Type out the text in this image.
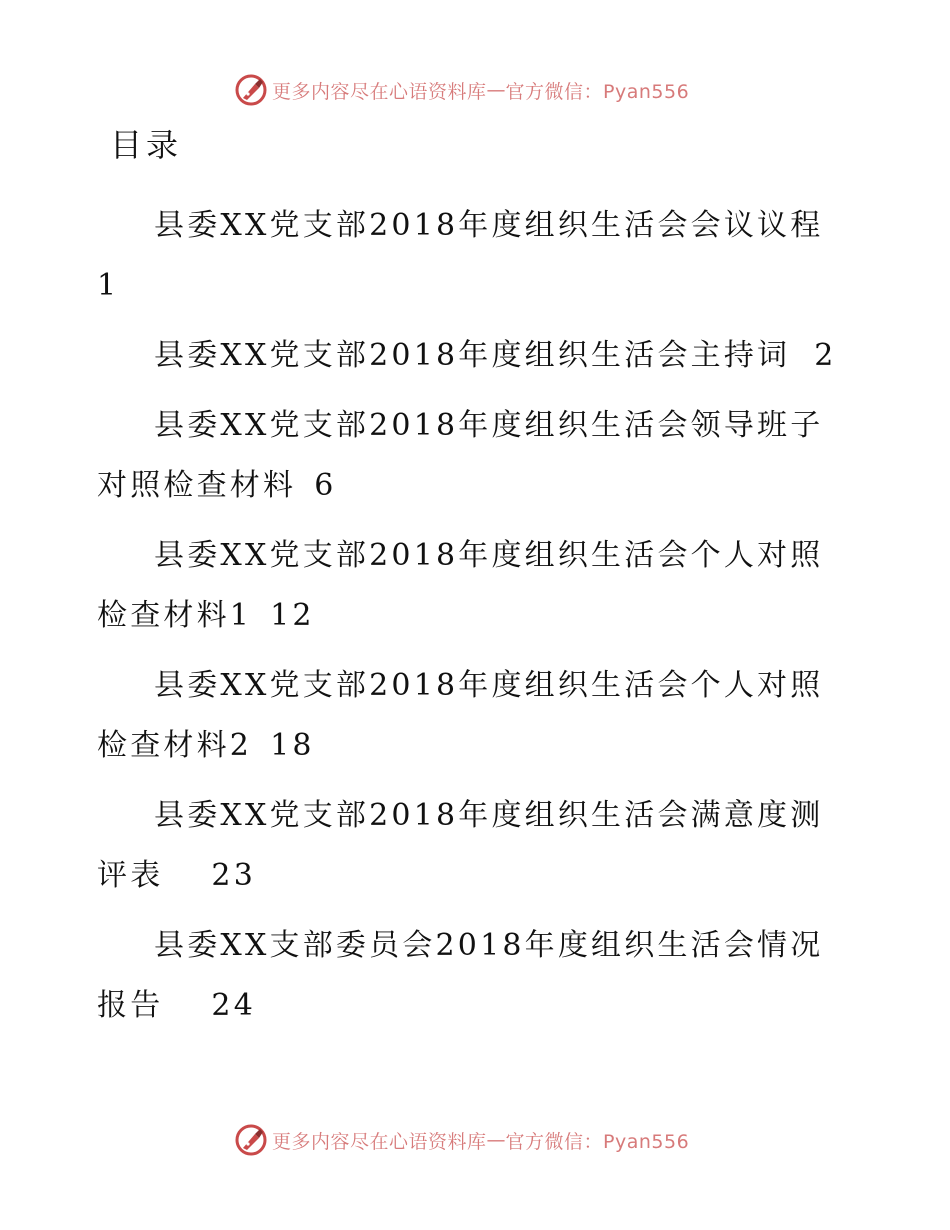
更多内容尽在心语资料库 — 官方微信：Pyan556
目录
县委XX党支部2018年度组织生活会会议议程
1
县委XX党支部2018年度组织生活会主持词 2
县委XX党支部2018年度组织生活会领导班子对照检查材料 6
县委XX党支部2018年度组织生活会个人对照检查材料1 12
县委XX党支部2018年度组织生活会个人对照检查材料2 18
县委XX党支部2018年度组织生活会满意度测评表 23
县委XX支部委员会2018年度组织生活会情况报告 24
更多内容尽在心语资料库 — 官方微信：Pyan556
